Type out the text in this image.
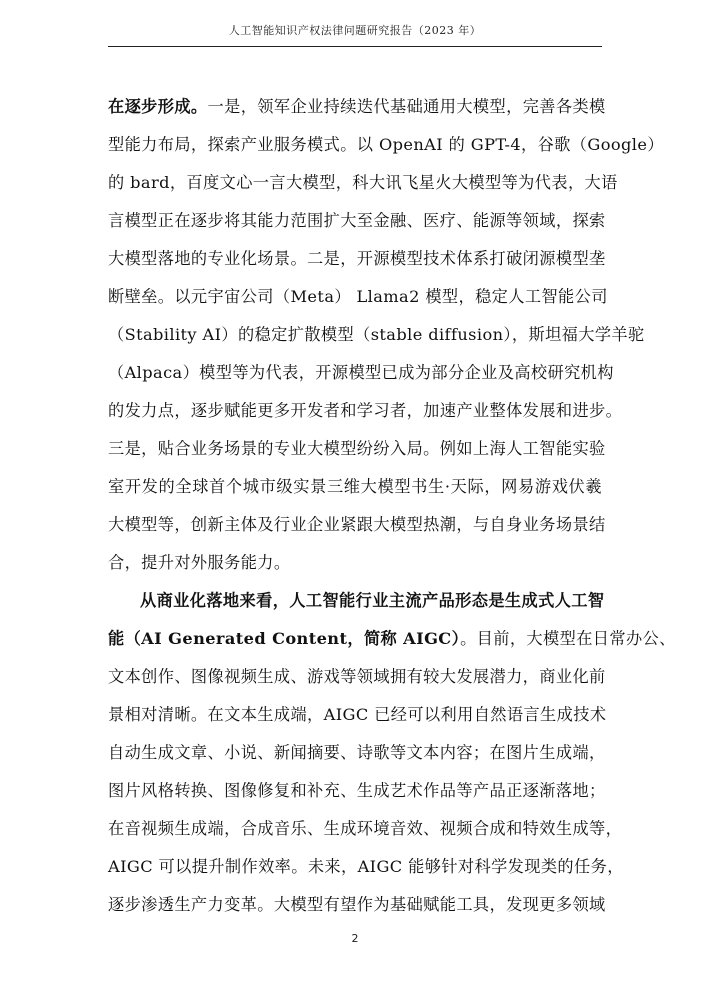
人工智能知识产权法律问题研究报告（2023 年）
在逐步形成。一是，领军企业持续迭代基础通用大模型，完善各类模
型能力布局，探索产业服务模式。以 OpenAI 的 GPT-4，谷歌（Google）
的 bard，百度文心一言大模型，科大讯飞星火大模型等为代表，大语
言模型正在逐步将其能力范围扩大至金融、医疗、能源等领域，探索
大模型落地的专业化场景。二是，开源模型技术体系打破闭源模型垄
断壁垒。以元宇宙公司（Meta） Llama2 模型，稳定人工智能公司
（Stability AI）的稳定扩散模型（stable diffusion），斯坦福大学羊驼
（Alpaca）模型等为代表，开源模型已成为部分企业及高校研究机构
的发力点，逐步赋能更多开发者和学习者，加速产业整体发展和进步。
三是，贴合业务场景的专业大模型纷纷入局。例如上海人工智能实验
室开发的全球首个城市级实景三维大模型书生·天际，网易游戏伏羲
大模型等，创新主体及行业企业紧跟大模型热潮，与自身业务场景结
合，提升对外服务能力。
从商业化落地来看，人工智能行业主流产品形态是生成式人工智
能（AI Generated Content，简称 AIGC）。目前，大模型在日常办公、
文本创作、图像视频生成、游戏等领域拥有较大发展潜力，商业化前
景相对清晰。在文本生成端，AIGC 已经可以利用自然语言生成技术
自动生成文章、小说、新闻摘要、诗歌等文本内容；在图片生成端，
图片风格转换、图像修复和补充、生成艺术作品等产品正逐渐落地；
在音视频生成端，合成音乐、生成环境音效、视频合成和特效生成等，
AIGC 可以提升制作效率。未来，AIGC 能够针对科学发现类的任务，
逐步渗透生产力变革。大模型有望作为基础赋能工具，发现更多领域
2
